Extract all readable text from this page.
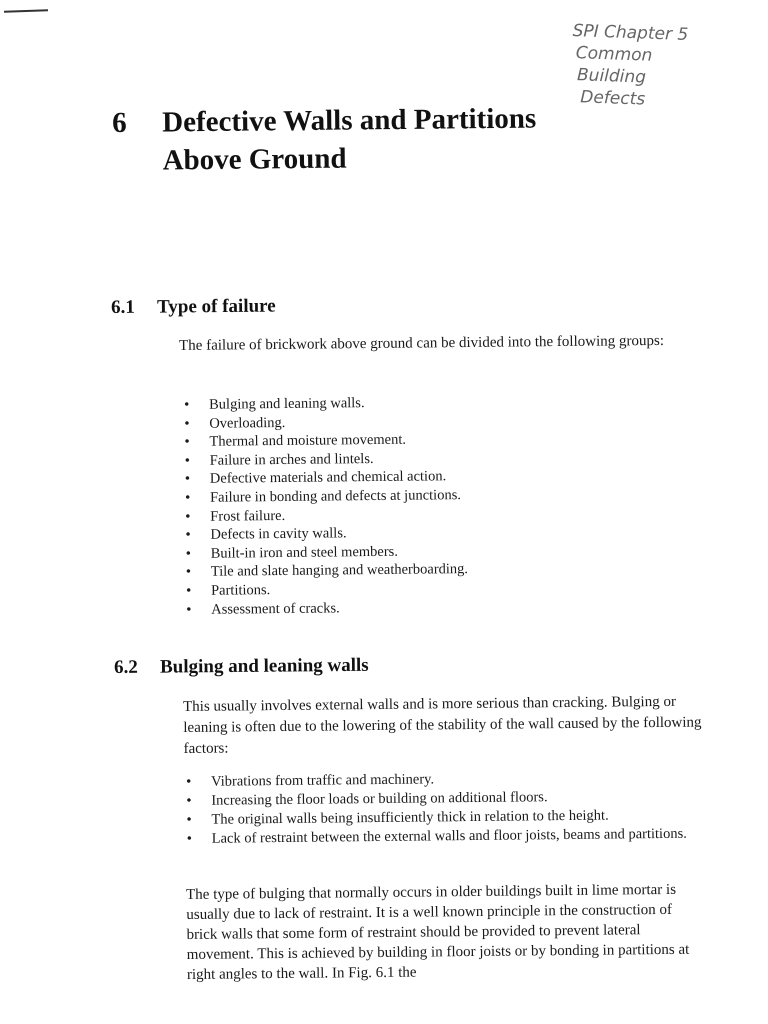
SPI Chapter 5
Common
Building
Defects
6 Defective Walls and Partitions
Above Ground
6.1 Type of failure
The failure of brickwork above ground can be divided into the following groups:
• Bulging and leaning walls.
• Overloading.
• Thermal and moisture movement.
• Failure in arches and lintels.
• Defective materials and chemical action.
• Failure in bonding and defects at junctions.
• Frost failure.
• Defects in cavity walls.
• Built-in iron and steel members.
• Tile and slate hanging and weatherboarding.
• Partitions.
• Assessment of cracks.
6.2 Bulging and leaning walls
This usually involves external walls and is more serious than cracking. Bulging or leaning is often due to the lowering of the stability of the wall caused by the following factors:
• Vibrations from traffic and machinery.
• Increasing the floor loads or building on additional floors.
• The original walls being insufficiently thick in relation to the height.
• Lack of restraint between the external walls and floor joists, beams and partitions.
The type of bulging that normally occurs in older buildings built in lime mortar is usually due to lack of restraint. It is a well known principle in the construction of brick walls that some form of restraint should be provided to prevent lateral movement. This is achieved by building in floor joists or by bonding in partitions at right angles to the wall. In Fig. 6.1 the
